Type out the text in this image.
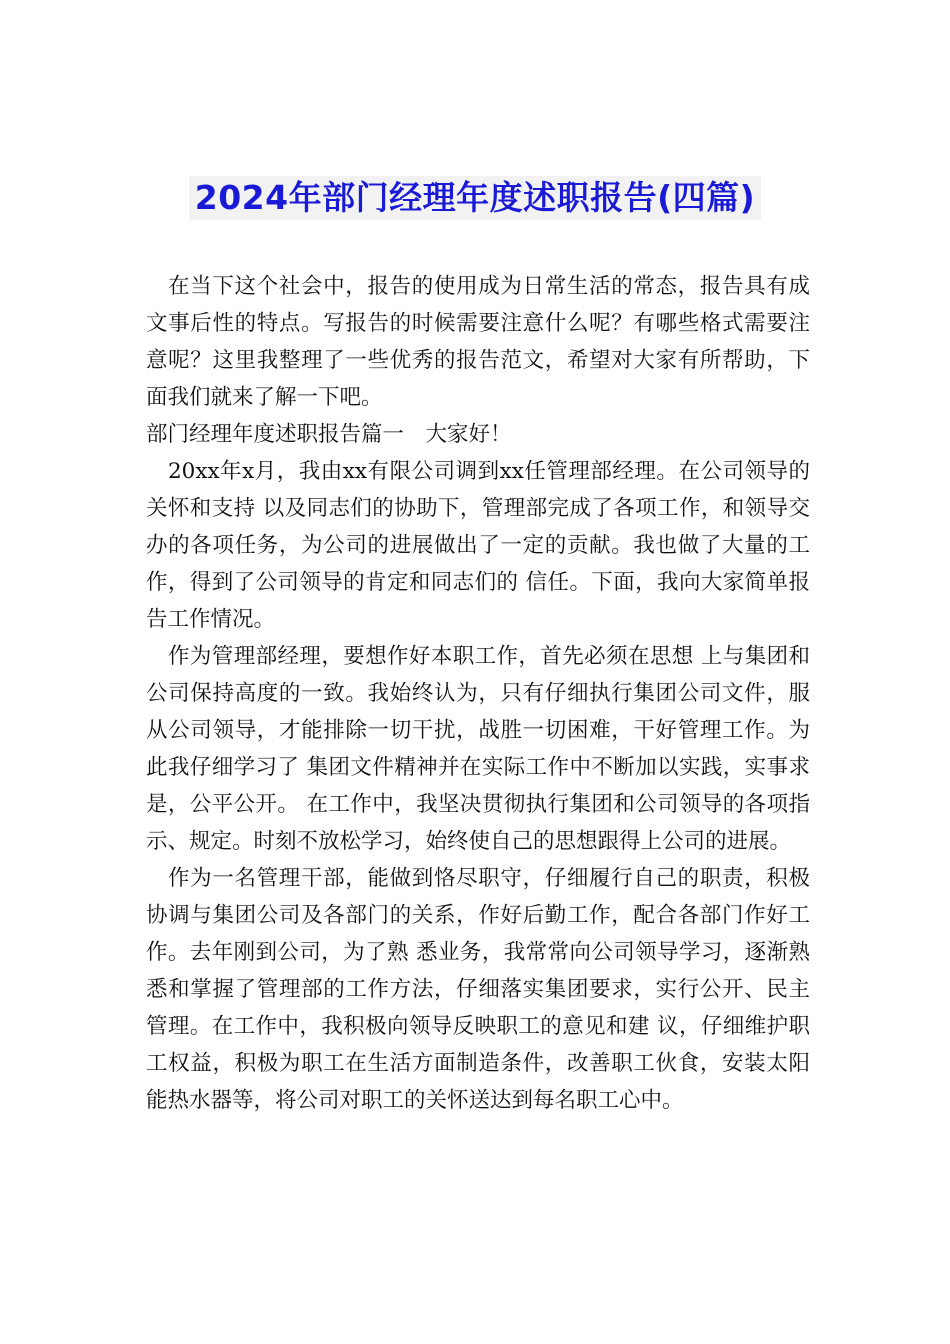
2024年部门经理年度述职报告(四篇)

在当下这个社会中，报告的使用成为日常生活的常态，报告具有成文事后性的特点。写报告的时候需要注意什么呢？有哪些格式需要注意呢？这里我整理了一些优秀的报告范文，希望对大家有所帮助，下面我们就来了解一下吧。

部门经理年度述职报告篇一　大家好！

20xx年x月，我由xx有限公司调到xx任管理部经理。在公司领导的关怀和支持 以及同志们的协助下，管理部完成了各项工作，和领导交办的各项任务，为公司的进展做出了一定的贡献。我也做了大量的工作，得到了公司领导的肯定和同志们的 信任。下面，我向大家简单报告工作情况。

作为管理部经理，要想作好本职工作，首先必须在思想 上与集团和公司保持高度的一致。我始终认为，只有仔细执行集团公司文件，服从公司领导，才能排除一切干扰，战胜一切困难，干好管理工作。为此我仔细学习了 集团文件精神并在实际工作中不断加以实践，实事求是，公平公开。 在工作中，我坚决贯彻执行集团和公司领导的各项指示、规定。时刻不放松学习，始终使自己的思想跟得上公司的进展。

作为一名管理干部，能做到恪尽职守，仔细履行自己的职责，积极协调与集团公司及各部门的关系，作好后勤工作，配合各部门作好工作。去年刚到公司，为了熟 悉业务，我常常向公司领导学习，逐渐熟悉和掌握了管理部的工作方法，仔细落实集团要求，实行公开、民主管理。在工作中，我积极向领导反映职工的意见和建 议，仔细维护职工权益，积极为职工在生活方面制造条件，改善职工伙食，安装太阳能热水器等，将公司对职工的关怀送达到每名职工心中。
